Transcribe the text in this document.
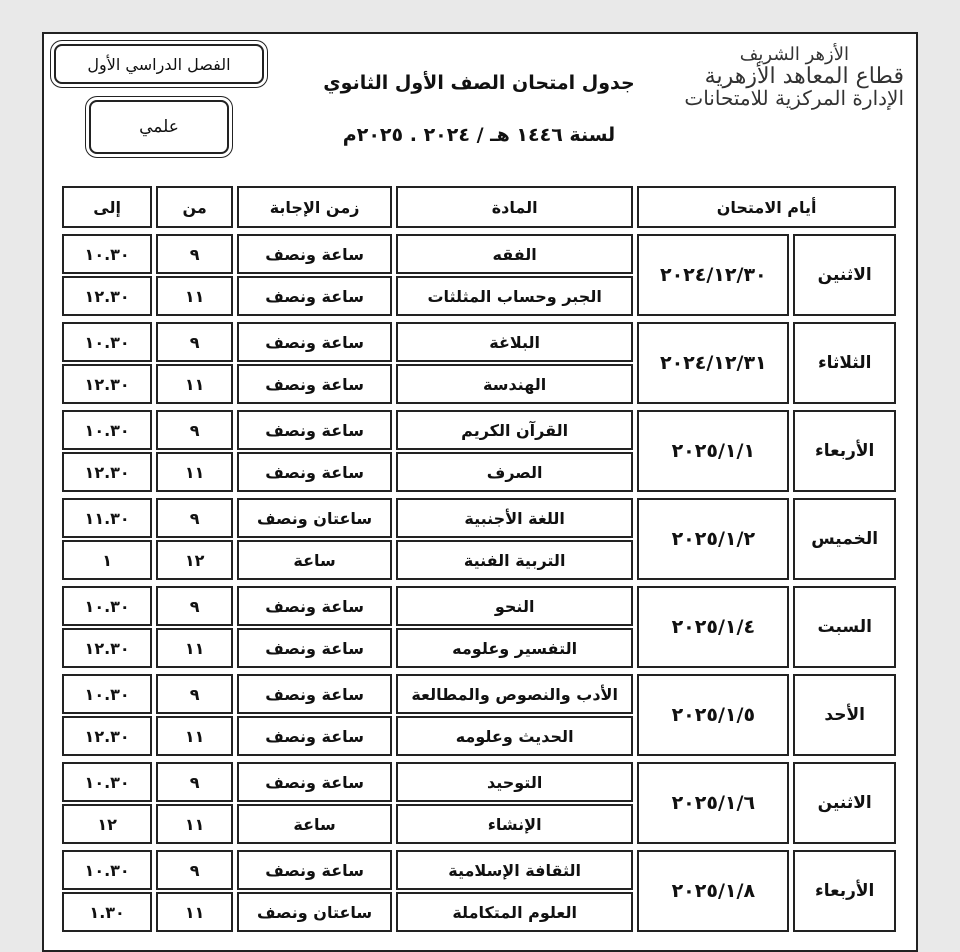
الفصل الدراسي الأول
علمي
جدول امتحان الصف الأول الثانوي
لسنة ١٤٤٦ هـ / ٢٠٢٤ . ٢٠٢٥م
الأزهر الشريف
قطاع المعاهد الأزهرية
الإدارة المركزية للامتحانات
أيام الامتحان		المادة	زمن الإجابة	من	إلى

الاثنين	٢٠٢٤/١٢/٣٠	الفقه	ساعة ونصف	٩	١٠.٣٠
		الجبر وحساب المثلثات	ساعة ونصف	١١	١٢.٣٠

الثلاثاء	٢٠٢٤/١٢/٣١	البلاغة	ساعة ونصف	٩	١٠.٣٠
		الهندسة	ساعة ونصف	١١	١٢.٣٠

الأربعاء	٢٠٢٥/١/١	القرآن الكريم	ساعة ونصف	٩	١٠.٣٠
		الصرف	ساعة ونصف	١١	١٢.٣٠

الخميس	٢٠٢٥/١/٢	اللغة الأجنبية	ساعتان ونصف	٩	١١.٣٠
		التربية الفنية	ساعة	١٢	١

السبت	٢٠٢٥/١/٤	النحو	ساعة ونصف	٩	١٠.٣٠
		التفسير وعلومه	ساعة ونصف	١١	١٢.٣٠

الأحد	٢٠٢٥/١/٥	الأدب والنصوص والمطالعة	ساعة ونصف	٩	١٠.٣٠
		الحديث وعلومه	ساعة ونصف	١١	١٢.٣٠

الاثنين	٢٠٢٥/١/٦	التوحيد	ساعة ونصف	٩	١٠.٣٠
		الإنشاء	ساعة	١١	١٢

الأربعاء	٢٠٢٥/١/٨	الثقافة الإسلامية	ساعة ونصف	٩	١٠.٣٠
		العلوم المتكاملة	ساعتان ونصف	١١	١.٣٠
